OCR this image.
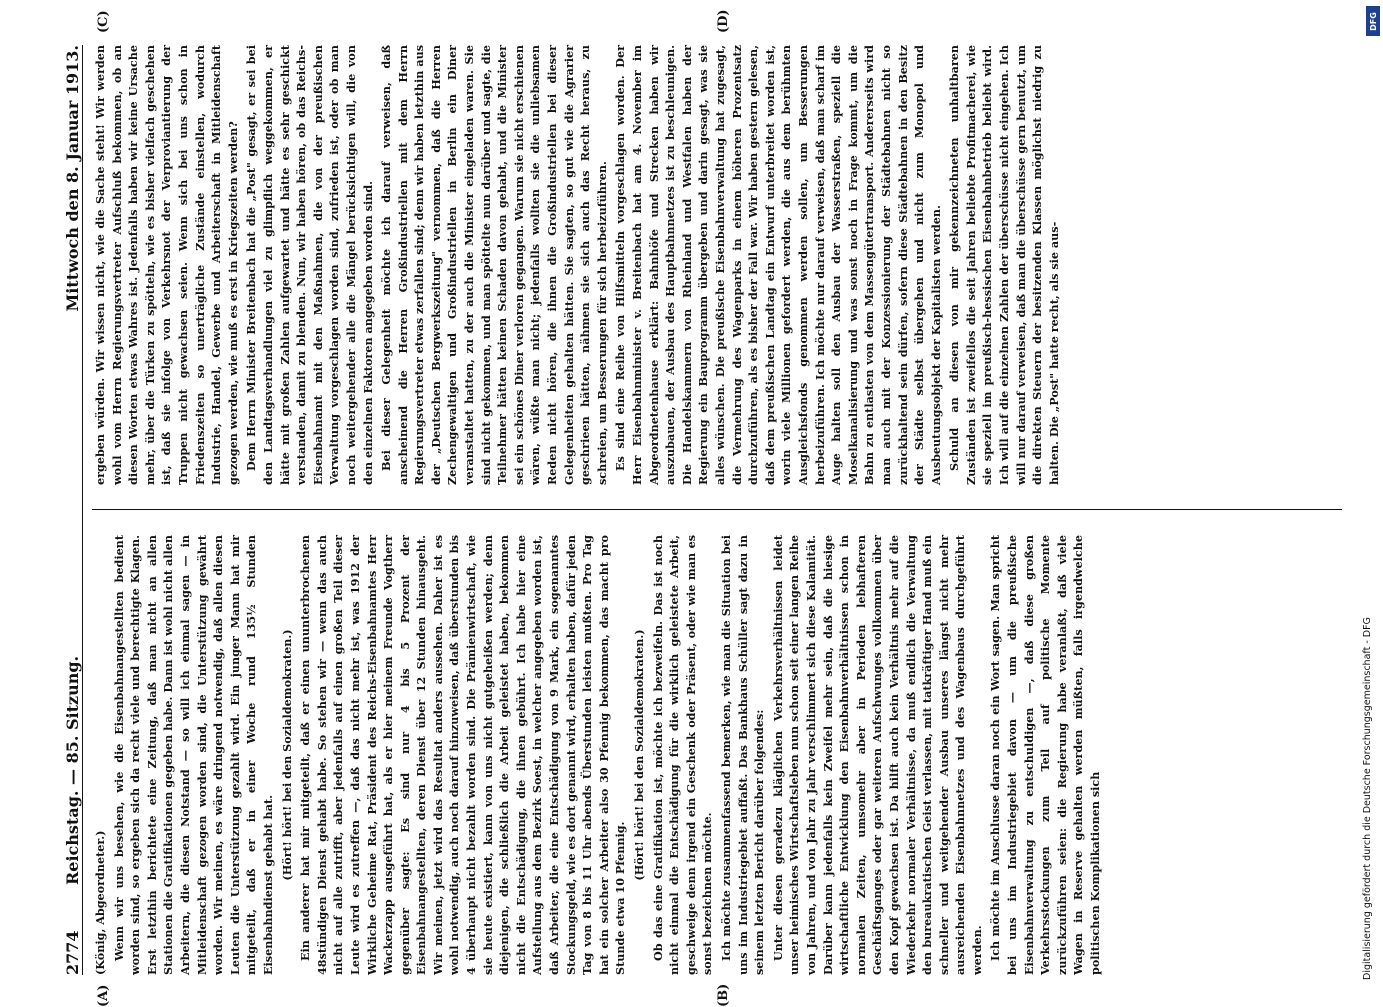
2774
Reichstag. — 85. Sitzung.
Mittwoch den 8. Januar 1913.
(A)	(B)
(C)	(D)

(König, Abgeordneter.) Wenn wir uns besehen, wie die Eisenbahnangestellten bedient worden sind, so ergeben sich da recht viele und berechtigte Klagen. Erst letzthin berichtete eine Zeitung, daß man nicht an allen Stationen die Gratifikationen gegeben habe. Dann ist wohl nicht allen Arbeitern, die diesen Notstand — so will ich einmal sagen — in Mitleidenschaft gezogen worden sind, die Unterstützung gewährt worden. Wir meinen, es wäre dringend notwendig, daß allen diesen Leuten die Unterstützung gezahlt wird. Ein junger Mann hat mir mitgeteilt, daß er in einer Woche rund 135½ Stunden Eisenbahndienst gehabt hat.

(Hört! hört! bei den Sozialdemokraten.) Ein anderer hat mir mitgeteilt, daß er einen ununterbrochenen 48stündigen Dienst gehabt habe. So stehen wir — wenn das auch nicht auf alle zutrifft, aber jedenfalls auf einen großen Teil dieser Leute wird es zutreffen —, daß das nicht mehr ist, was 1912 der Wirkliche Geheime Rat, Präsident des Reichs-Eisenbahnamtes Herr Wackerzapp ausgeführt hat, als er hier meinem Freunde Vogtherr gegenüber sagte: Es sind nur 4 bis 5 Prozent der Eisenbahnangestellten, deren Dienst über 12 Stunden hinausgeht. Wir meinen, jetzt wird das Resultat anders aussehen. Daher ist es wohl notwendig, auch noch darauf hinzuweisen, daß überstunden bis 4 überhaupt nicht bezahlt worden sind. Die Prämienwirtschaft, wie sie heute existiert, kann von uns nicht gutgeheißen werden; denn diejenigen, die schließlich die Arbeit geleistet haben, bekommen nicht die Entschädigung, die ihnen gebührt. Ich habe hier eine Aufstellung aus dem Bezirk Soest, in welcher angegeben worden ist, daß Arbeiter, die eine Entschädigung von 9 Mark, ein sogenanntes Stockungsgeld, wie es dort genannt wird, erhalten haben, dafür jeden Tag von 8 bis 11 Uhr abends Überstunden leisten mußten. Pro Tag hat ein solcher Arbeiter also 30 Pfennig bekommen, das macht pro Stunde etwa 10 Pfennig.

(Hört! hört! bei den Sozialdemokraten.) Ob das eine Gratifikation ist, möchte ich bezweifeln. Das ist noch nicht einmal die Entschädigung für die wirklich geleistete Arbeit, geschweige denn irgend ein Geschenk oder Präsent, oder wie man es sonst bezeichnen möchte. Ich möchte zusammenfassend bemerken, wie man die Situation bei uns im Industriegebiet auffaßt. Das Bankhaus Schüller sagt dazu in seinem letzten Bericht darüber folgendes: Unter diesen geradezu kläglichen Verkehrsverhältnissen leidet unser heimisches Wirtschaftsleben nun schon seit einer langen Reihe von Jahren, und von Jahr zu Jahr verschlimmert sich diese Kalamität. Darüber kann jedenfalls kein Zweifel mehr sein, daß die hiesige wirtschaftliche Entwicklung den Eisenbahnverhältnissen schon in normalen Zeiten, umsomehr aber in Perioden lebhafteren Geschäftsganges oder gar weiteren Aufschwunges vollkommen über den Kopf gewachsen ist. Da hilft auch kein Verhältnis mehr auf die Wiederkehr normaler Verhältnisse, da muß endlich die Verwaltung den bureaukratischen Geist verlassen, mit tatkräftiger Hand muß ein schneller und weitgehender Ausbau unseres längst nicht mehr ausreichenden Eisenbahnnetzes und des Wagenbaus durchgeführt werden. Ich möchte im Anschlusse daran noch ein Wort sagen. Man spricht bei uns im Industriegebiet davon — um die preußische Eisenbahnverwaltung zu entschuldigen —, daß diese großen Verkehrsstockungen zum Teil auf politische Momente zurückzuführen seien: die Regierung habe veranlaßt, daß viele Wagen in Reserve gehalten werden müßten, falls irgendwelche politischen Komplikationen sich

ergeben würden. Wir wissen nicht, wie die Sache steht! Wir werden wohl vom Herrn Regierungsvertreter Aufschluß bekommen, ob an diesen Worten etwas Wahres ist. Jedenfalls haben wir keine Ursache mehr, über die Türken zu spötteln, wie es bisher vielfach geschehen ist, daß sie infolge von Verkehrsnot der Verproviantierung der Truppen nicht gewachsen seien. Wenn sich bei uns schon in Friedenszeiten so unerträgliche Zustände einstellen, wodurch Industrie, Handel, Gewerbe und Arbeiterschaft in Mitleidenschaft gezogen werden, wie muß es erst in Kriegszeiten werden? Dem Herrn Minister Breitenbach hat die „Post" gesagt, er sei bei den Landtagsverhandlungen viel zu glimpflich weggekommen, er hätte mit großen Zahlen aufgewartet und hätte es sehr geschickt verstanden, damit zu blenden. Nun, wir haben hören, ob das Reichs-Eisenbahnamt mit den Maßnahmen, die von der preußischen Verwaltung vorgeschlagen worden sind, zufrieden ist, oder ob man noch weitergehender alle die Mängel berücksichtigen will, die von den einzelnen Faktoren angegeben worden sind. Bei dieser Gelegenheit möchte ich darauf verweisen, daß anscheinend die Herren Großindustriellen mit dem Herrn Regierungsvertreter etwas zerfallen sind; denn wir haben letzthin aus der „Deutschen Bergwerkszeitung" vernommen, daß die Herren Zechengewaltigen und Großindustriellen in Berlin ein Diner veranstaltet hatten, zu der auch die Minister eingeladen waren. Sie sind nicht gekommen, und man spöttelte nun darüber und sagte, die Teilnehmer hätten keinen Schaden davon gehabt, und die Minister sei ein schönes Diner verloren gegangen. Warum sie nicht erschienen wären, wüßte man nicht; jedenfalls wollten sie die unliebsamen Reden nicht hören, die ihnen die Großindustriellen bei dieser Gelegenheiten gehalten hätten. Sie sagten, so gut wie die Agrarier geschrieen hätten, nähmen sie sich auch das Recht heraus, zu schreien, um Besserungen für sich herbeizuführen. Es sind eine Reihe von Hilfsmitteln vorgeschlagen worden. Der Herr Eisenbahnminister v. Breitenbach hat am 4. November im Abgeordnetenhause erklärt: Bahnhöfe und Strecken haben wir auszubauen, der Ausbau des Hauptbahnnetzes ist zu beschleunigen. Die Handelskammern von Rheinland und Westfalen haben der Regierung ein Bauprogramm übergeben und darin gesagt, was sie alles wünschen. Die preußische Eisenbahnverwaltung hat zugesagt, die Vermehrung des Wagenparks in einem höheren Prozentsatz durchzuführen, als es bisher der Fall war. Wir haben gestern gelesen, daß dem preußischen Landtag ein Entwurf unterbreitet worden ist, worin viele Millionen gefordert werden, die aus dem berühmten Ausgleichsfonds genommen werden sollen, um Besserungen herbeizuführen. Ich möchte nur darauf verweisen, daß man scharf im Auge halten soll den Ausbau der Wasserstraßen, speziell die Moselkanalisierung und was sonst noch in Frage kommt, um die Bahn zu entlasten von dem Massengütertransport. Andererseits wird man auch mit der Konzessionierung der Städtebahnen nicht so zurückhaltend sein dürfen, sofern diese Städtebahnen in den Besitz der Städte selbst übergehen und nicht zum Monopol und Ausbeutungsobjekt der Kapitalisten werden. Schuld an diesen von mir gekennzeichneten unhaltbaren Zuständen ist zweifellos die seit Jahren beliebte Profitmacherei, wie sie speziell im preußisch-hessischen Eisenbahnbetrieb beliebt wird. Ich will auf die einzelnen Zahlen der überschüsse nicht eingehen. Ich will nur darauf verweisen, daß man die überschüsse gern benutzt, um die direkten Steuern der besitzenden Klassen möglichst niedrig zu halten. Die „Post" hatte recht, als sie aus-

DFG
Digitalisierung gefördert durch die Deutsche Forschungsgemeinschaft - DFG
